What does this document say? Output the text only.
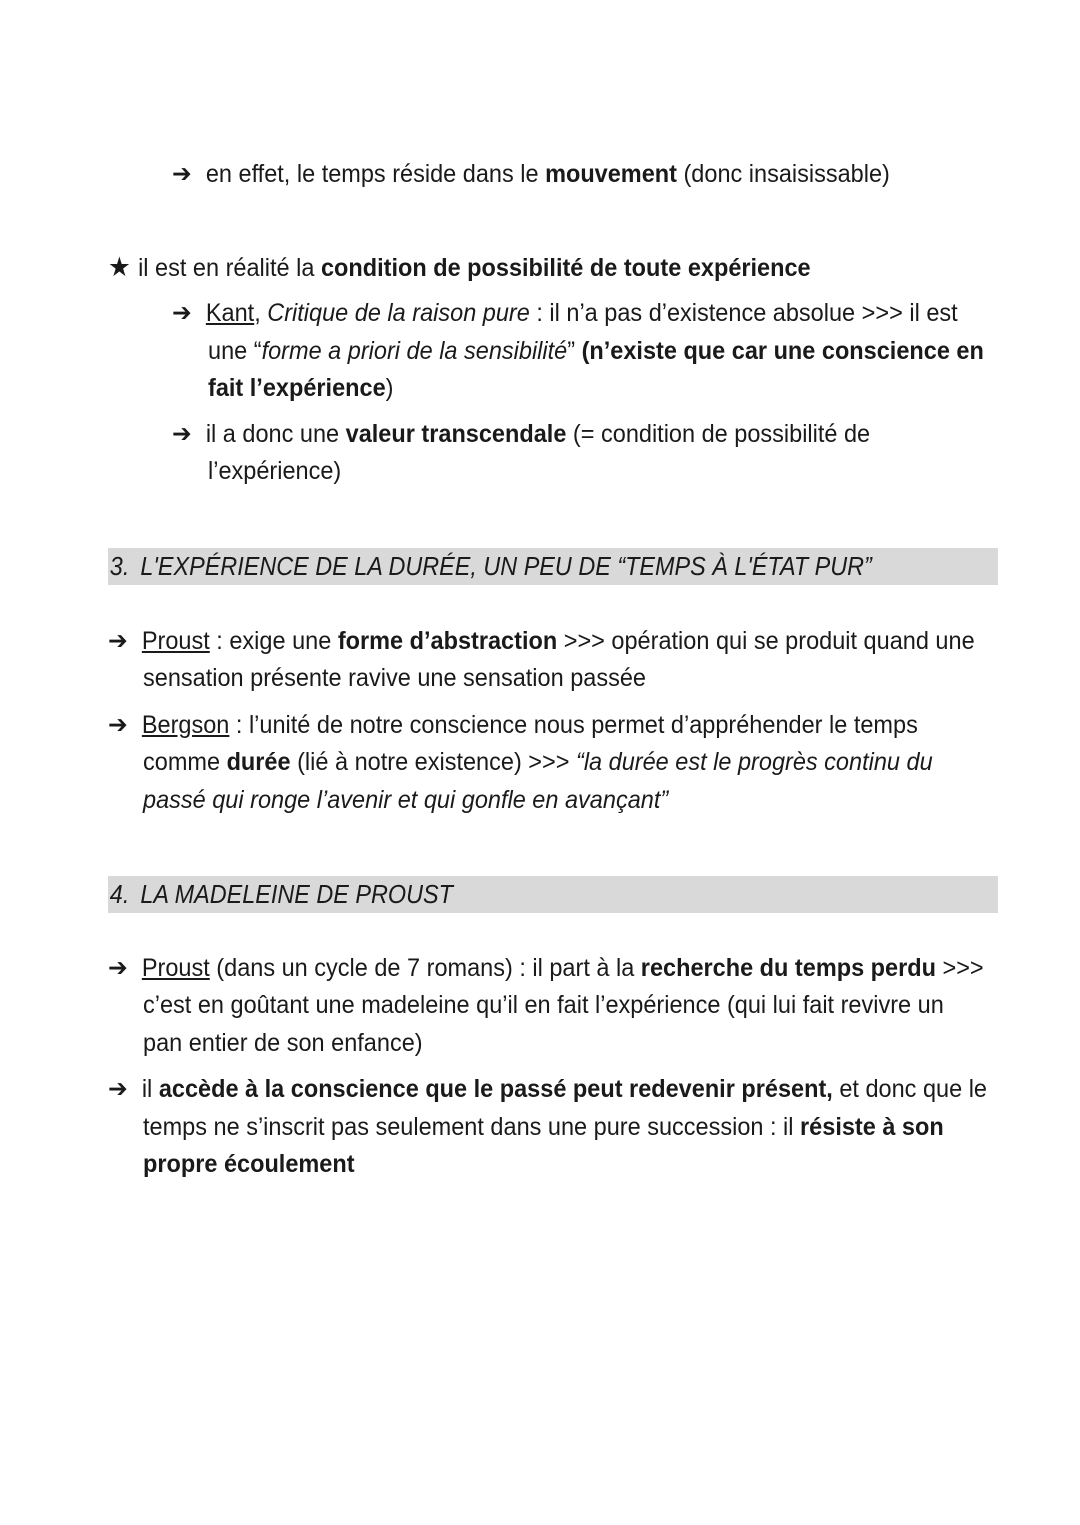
➔ en effet, le temps réside dans le mouvement (donc insaisissable)
★ il est en réalité la condition de possibilité de toute expérience
➔ Kant, Critique de la raison pure : il n’a pas d’existence absolue >>> il est
une “forme a priori de la sensibilité” (n’existe que car une conscience en
fait l’expérience)
➔ il a donc une valeur transcendale (= condition de possibilité de
l’expérience)
3. L'EXPÉRIENCE DE LA DURÉE, UN PEU DE “TEMPS À L'ÉTAT PUR”
➔ Proust : exige une forme d’abstraction >>> opération qui se produit quand une
sensation présente ravive une sensation passée
➔ Bergson : l’unité de notre conscience nous permet d’appréhender le temps
comme durée (lié à notre existence) >>> “la durée est le progrès continu du
passé qui ronge l’avenir et qui gonfle en avançant”
4. LA MADELEINE DE PROUST
➔ Proust (dans un cycle de 7 romans) : il part à la recherche du temps perdu >>>
c’est en goûtant une madeleine qu’il en fait l’expérience (qui lui fait revivre un
pan entier de son enfance)
➔ il accède à la conscience que le passé peut redevenir présent, et donc que le
temps ne s’inscrit pas seulement dans une pure succession : il résiste à son
propre écoulement
